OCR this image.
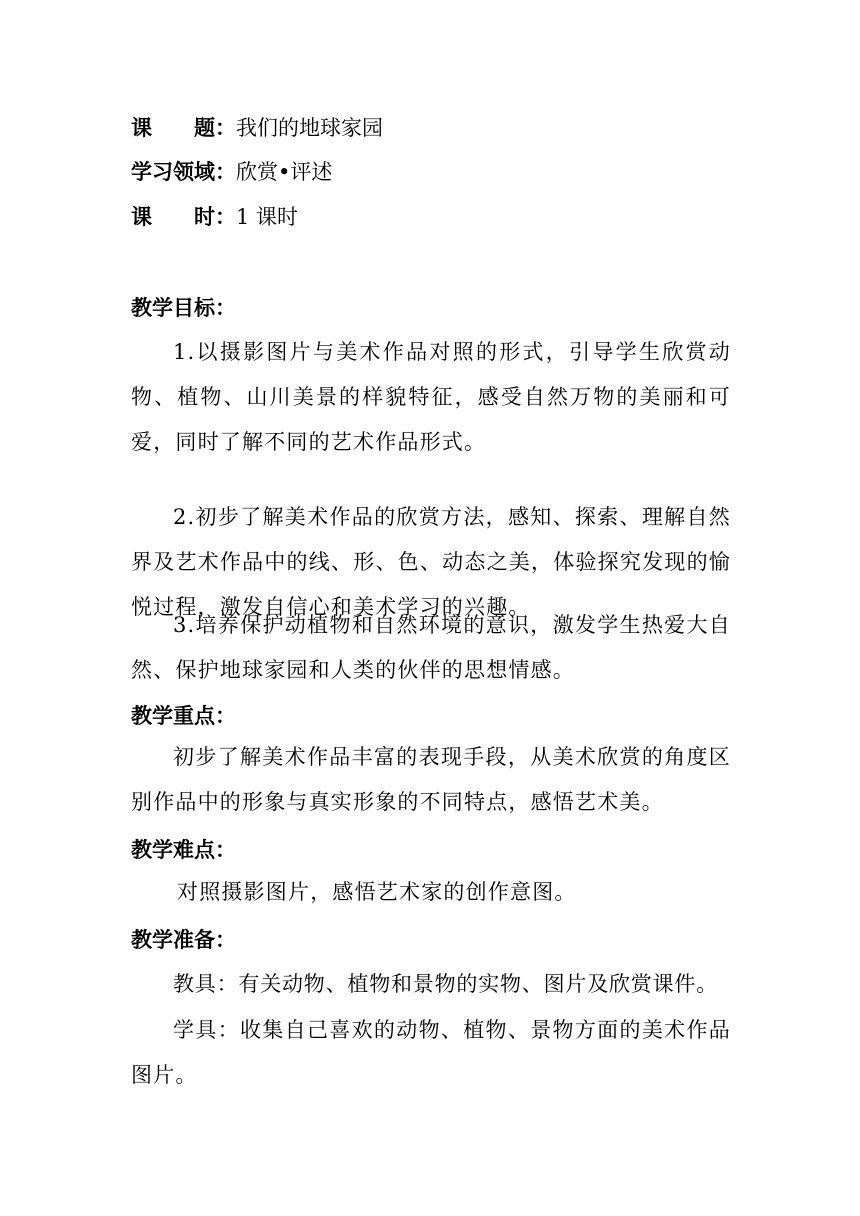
课　　题：我们的地球家园
学习领域：欣赏•评述
课　　时：1 课时
教学目标：
1.以摄影图片与美术作品对照的形式，引导学生欣赏动物、植物、山川美景的样貌特征，感受自然万物的美丽和可爱，同时了解不同的艺术作品形式。
2.初步了解美术作品的欣赏方法，感知、探索、理解自然界及艺术作品中的线、形、色、动态之美，体验探究发现的愉悦过程，激发自信心和美术学习的兴趣。
3.培养保护动植物和自然环境的意识，激发学生热爱大自然、保护地球家园和人类的伙伴的思想情感。
教学重点：
初步了解美术作品丰富的表现手段，从美术欣赏的角度区别作品中的形象与真实形象的不同特点，感悟艺术美。
教学难点：
对照摄影图片，感悟艺术家的创作意图。
教学准备：
教具：有关动物、植物和景物的实物、图片及欣赏课件。
学具：收集自己喜欢的动物、植物、景物方面的美术作品图片。
